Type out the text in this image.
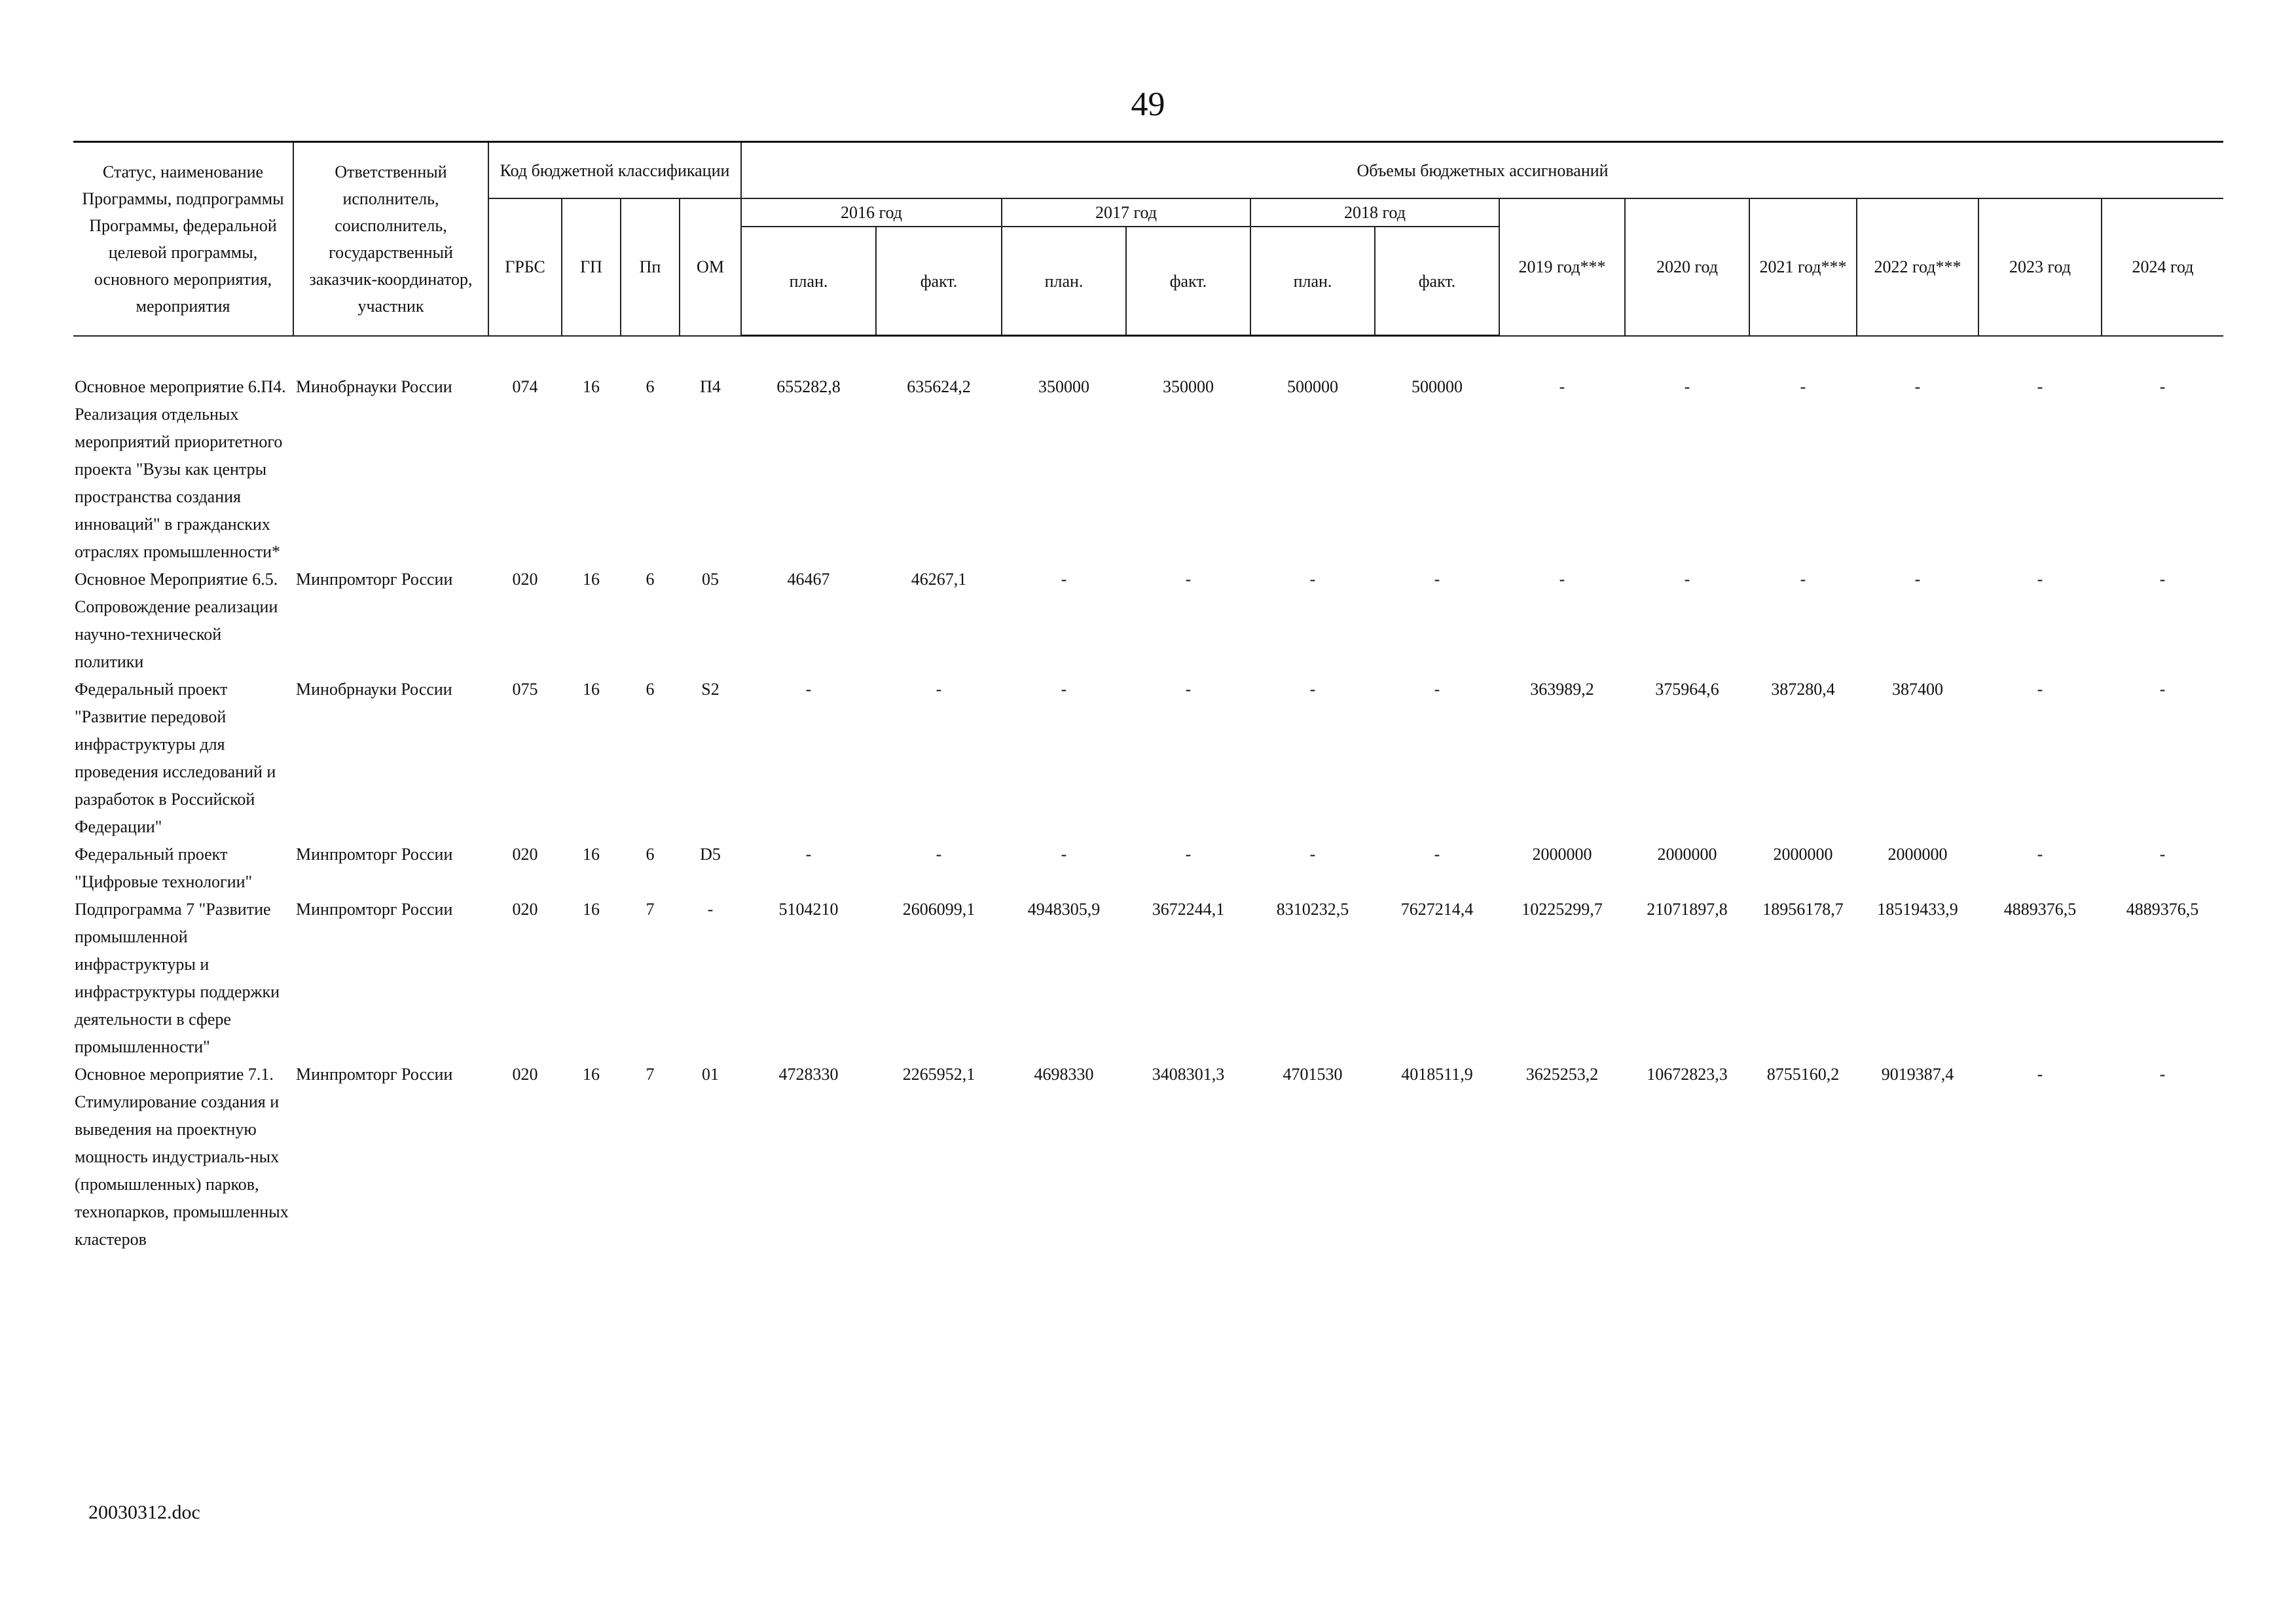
49
Статус, наименование Программы, подпрограммы Программы, федеральной целевой программы, основного мероприятия, мероприятия	Ответственный исполнитель, соисполнитель, государственный заказчик-координатор, участник	Код бюджетной классификации				Объемы бюджетных ассигнований											
		ГРБС	ГП	Пп	ОМ	2016 год		2017 год		2018 год		2019 год***	2020 год	2021 год***	2022 год***	2023 год	2024 год
						план.	факт.	план.	факт.	план.	факт.						

Основное мероприятие 6.П4. Реализация отдельных мероприятий приоритетного проекта "Вузы как центры пространства создания инноваций" в гражданских отраслях промышленности*	Минобрнауки России	074	16	6	П4	655282,8	635624,2	350000	350000	500000	500000	-	-	-	-	-	-
Основное Мероприятие 6.5. Сопровождение реализации научно-технической политики	Минпромторг России	020	16	6	05	46467	46267,1	-	-	-	-	-	-	-	-	-	-
Федеральный проект "Развитие передовой инфраструктуры для проведения исследований и разработок в Российской Федерации"	Минобрнауки России	075	16	6	S2	-	-	-	-	-	-	363989,2	375964,6	387280,4	387400	-	-
Федеральный проект "Цифровые технологии"	Минпромторг России	020	16	6	D5	-	-	-	-	-	-	2000000	2000000	2000000	2000000	-	-
Подпрограмма 7 "Развитие промышленной инфраструктуры и инфраструктуры поддержки деятельности в сфере промышленности"	Минпромторг России	020	16	7	-	5104210	2606099,1	4948305,9	3672244,1	8310232,5	7627214,4	10225299,7	21071897,8	18956178,7	18519433,9	4889376,5	4889376,5
Основное мероприятие 7.1. Стимулирование создания и выведения на проектную мощность индустриаль-ных (промышленных) парков, технопарков, промышленных кластеров	Минпромторг России	020	16	7	01	4728330	2265952,1	4698330	3408301,3	4701530	4018511,9	3625253,2	10672823,3	8755160,2	9019387,4	-	-
20030312.doc
